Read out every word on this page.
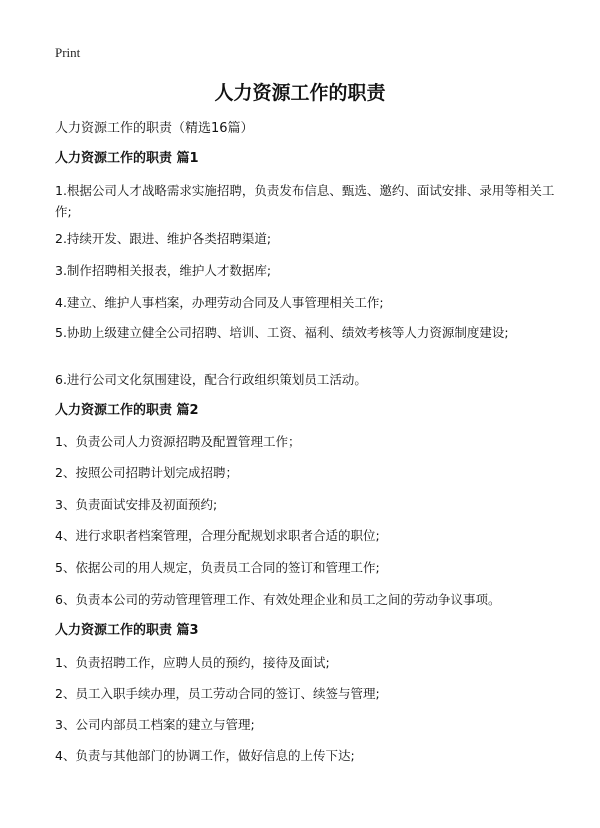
Print
人力资源工作的职责
人力资源工作的职责（精选16篇）
人力资源工作的职责 篇1
1.根据公司人才战略需求实施招聘，负责发布信息、甄选、邀约、面试安排、录用等相关工作;
2.持续开发、跟进、维护各类招聘渠道;
3.制作招聘相关报表，维护人才数据库;
4.建立、维护人事档案，办理劳动合同及人事管理相关工作;
5.协助上级建立健全公司招聘、培训、工资、福利、绩效考核等人力资源制度建设;
6.进行公司文化氛围建设，配合行政组织策划员工活动。
人力资源工作的职责 篇2
1、负责公司人力资源招聘及配置管理工作；
2、按照公司招聘计划完成招聘；
3、负责面试安排及初面预约;
4、进行求职者档案管理，合理分配规划求职者合适的职位;
5、依据公司的用人规定，负责员工合同的签订和管理工作;
6、负责本公司的劳动管理管理工作、有效处理企业和员工之间的劳动争议事项。
人力资源工作的职责 篇3
1、负责招聘工作，应聘人员的预约，接待及面试;
2、员工入职手续办理，员工劳动合同的签订、续签与管理;
3、公司内部员工档案的建立与管理;
4、负责与其他部门的协调工作，做好信息的上传下达;
